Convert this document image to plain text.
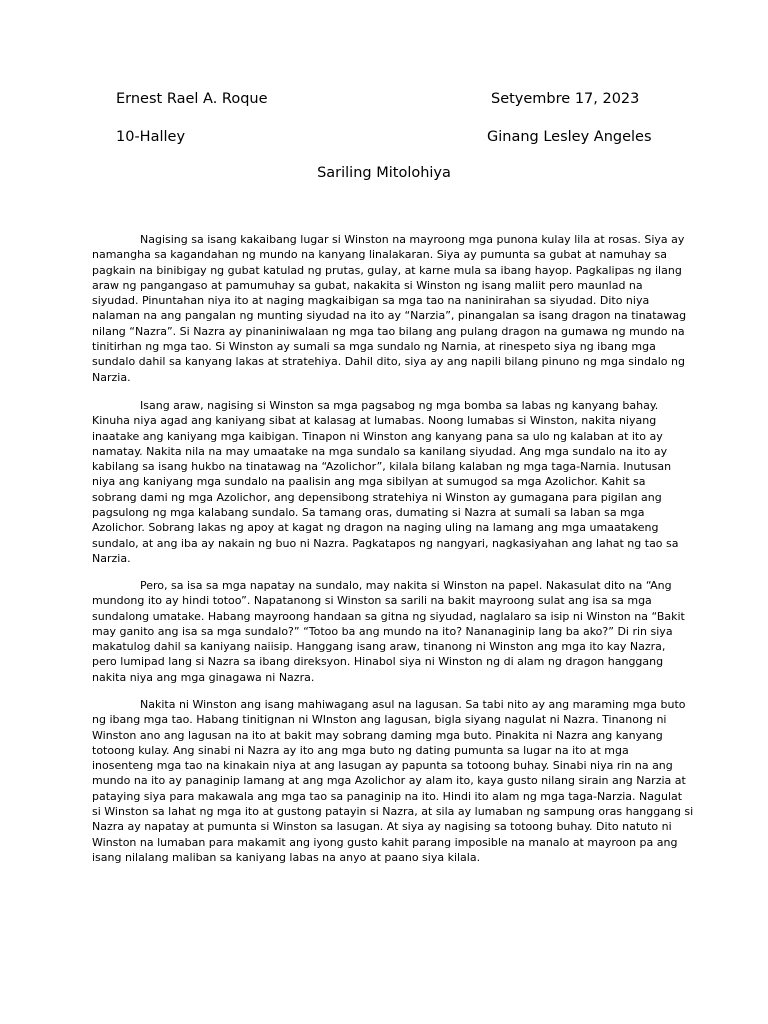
Ernest Rael A. Roque	Setyembre 17, 2023
10-Halley	Ginang Lesley Angeles
Sariling Mitolohiya
Nagising sa isang kakaibang lugar si Winston na mayroong mga punona kulay lila at rosas. Siya ay
namangha sa kagandahan ng mundo na kanyang linalakaran. Siya ay pumunta sa gubat at namuhay sa
pagkain na binibigay ng gubat katulad ng prutas, gulay, at karne mula sa ibang hayop. Pagkalipas ng ilang
araw ng pangangaso at pamumuhay sa gubat, nakakita si Winston ng isang maliit pero maunlad na
siyudad. Pinuntahan niya ito at naging magkaibigan sa mga tao na naninirahan sa siyudad. Dito niya
nalaman na ang pangalan ng munting siyudad na ito ay “Narzia”, pinangalan sa isang dragon na tinatawag
nilang “Nazra”. Si Nazra ay pinaniniwalaan ng mga tao bilang ang pulang dragon na gumawa ng mundo na
tinitirhan ng mga tao. Si Winston ay sumali sa mga sundalo ng Narnia, at rinespeto siya ng ibang mga
sundalo dahil sa kanyang lakas at stratehiya. Dahil dito, siya ay ang napili bilang pinuno ng mga sindalo ng
Narzia.
Isang araw, nagising si Winston sa mga pagsabog ng mga bomba sa labas ng kanyang bahay.
Kinuha niya agad ang kaniyang sibat at kalasag at lumabas. Noong lumabas si Winston, nakita niyang
inaatake ang kaniyang mga kaibigan. Tinapon ni Winston ang kanyang pana sa ulo ng kalaban at ito ay
namatay. Nakita nila na may umaatake na mga sundalo sa kanilang siyudad. Ang mga sundalo na ito ay
kabilang sa isang hukbo na tinatawag na “Azolichor”, kilala bilang kalaban ng mga taga-Narnia. Inutusan
niya ang kaniyang mga sundalo na paalisin ang mga sibilyan at sumugod sa mga Azolichor. Kahit sa
sobrang dami ng mga Azolichor, ang depensibong stratehiya ni Winston ay gumagana para pigilan ang
pagsulong ng mga kalabang sundalo. Sa tamang oras, dumating si Nazra at sumali sa laban sa mga
Azolichor. Sobrang lakas ng apoy at kagat ng dragon na naging uling na lamang ang mga umaatakeng
sundalo, at ang iba ay nakain ng buo ni Nazra. Pagkatapos ng nangyari, nagkasiyahan ang lahat ng tao sa
Narzia.
Pero, sa isa sa mga napatay na sundalo, may nakita si Winston na papel. Nakasulat dito na “Ang
mundong ito ay hindi totoo”. Napatanong si Winston sa sarili na bakit mayroong sulat ang isa sa mga
sundalong umatake. Habang mayroong handaan sa gitna ng siyudad, naglalaro sa isip ni Winston na “Bakit
may ganito ang isa sa mga sundalo?” “Totoo ba ang mundo na ito? Nananaginip lang ba ako?” Di rin siya
makatulog dahil sa kaniyang naiisip. Hanggang isang araw, tinanong ni Winston ang mga ito kay Nazra,
pero lumipad lang si Nazra sa ibang direksyon. Hinabol siya ni Winston ng di alam ng dragon hanggang
nakita niya ang mga ginagawa ni Nazra.
Nakita ni Winston ang isang mahiwagang asul na lagusan. Sa tabi nito ay ang maraming mga buto
ng ibang mga tao. Habang tinitignan ni WInston ang lagusan, bigla siyang nagulat ni Nazra. Tinanong ni
Winston ano ang lagusan na ito at bakit may sobrang daming mga buto. Pinakita ni Nazra ang kanyang
totoong kulay. Ang sinabi ni Nazra ay ito ang mga buto ng dating pumunta sa lugar na ito at mga
inosenteng mga tao na kinakain niya at ang lasugan ay papunta sa totoong buhay. Sinabi niya rin na ang
mundo na ito ay panaginip lamang at ang mga Azolichor ay alam ito, kaya gusto nilang sirain ang Narzia at
pataying siya para makawala ang mga tao sa panaginip na ito. Hindi ito alam ng mga taga-Narzia. Nagulat
si Winston sa lahat ng mga ito at gustong patayin si Nazra, at sila ay lumaban ng sampung oras hanggang si
Nazra ay napatay at pumunta si Winston sa lasugan. At siya ay nagising sa totoong buhay. Dito natuto ni
Winston na lumaban para makamit ang iyong gusto kahit parang imposible na manalo at mayroon pa ang
isang nilalang maliban sa kaniyang labas na anyo at paano siya kilala.
